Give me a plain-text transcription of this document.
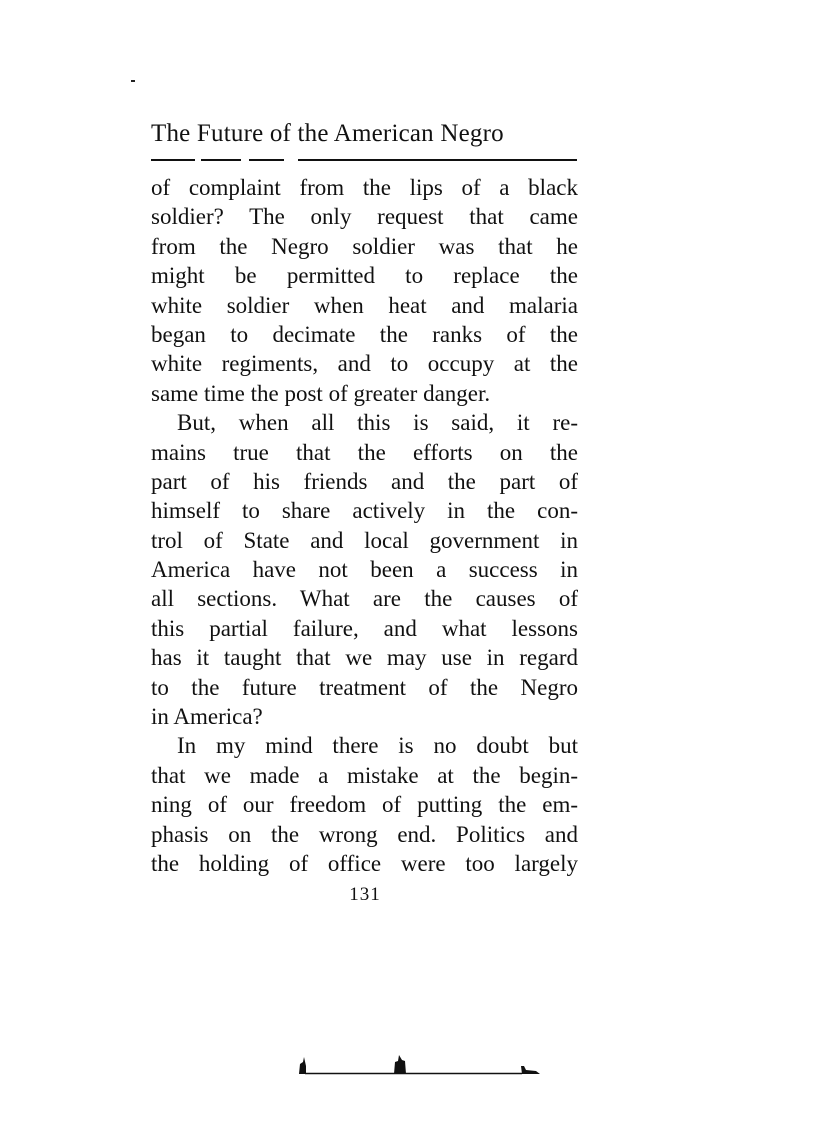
The Future of the American Negro
of complaint from the lips of a black
soldier? The only request that came
from the Negro soldier was that he
might be permitted to replace the
white soldier when heat and malaria
began to decimate the ranks of the
white regiments, and to occupy at the
same time the post of greater danger.
But, when all this is said, it re-
mains true that the efforts on the
part of his friends and the part of
himself to share actively in the con-
trol of State and local government in
America have not been a success in
all sections. What are the causes of
this partial failure, and what lessons
has it taught that we may use in regard
to the future treatment of the Negro
in America?
In my mind there is no doubt but
that we made a mistake at the begin-
ning of our freedom of putting the em-
phasis on the wrong end. Politics and
the holding of office were too largely
131
